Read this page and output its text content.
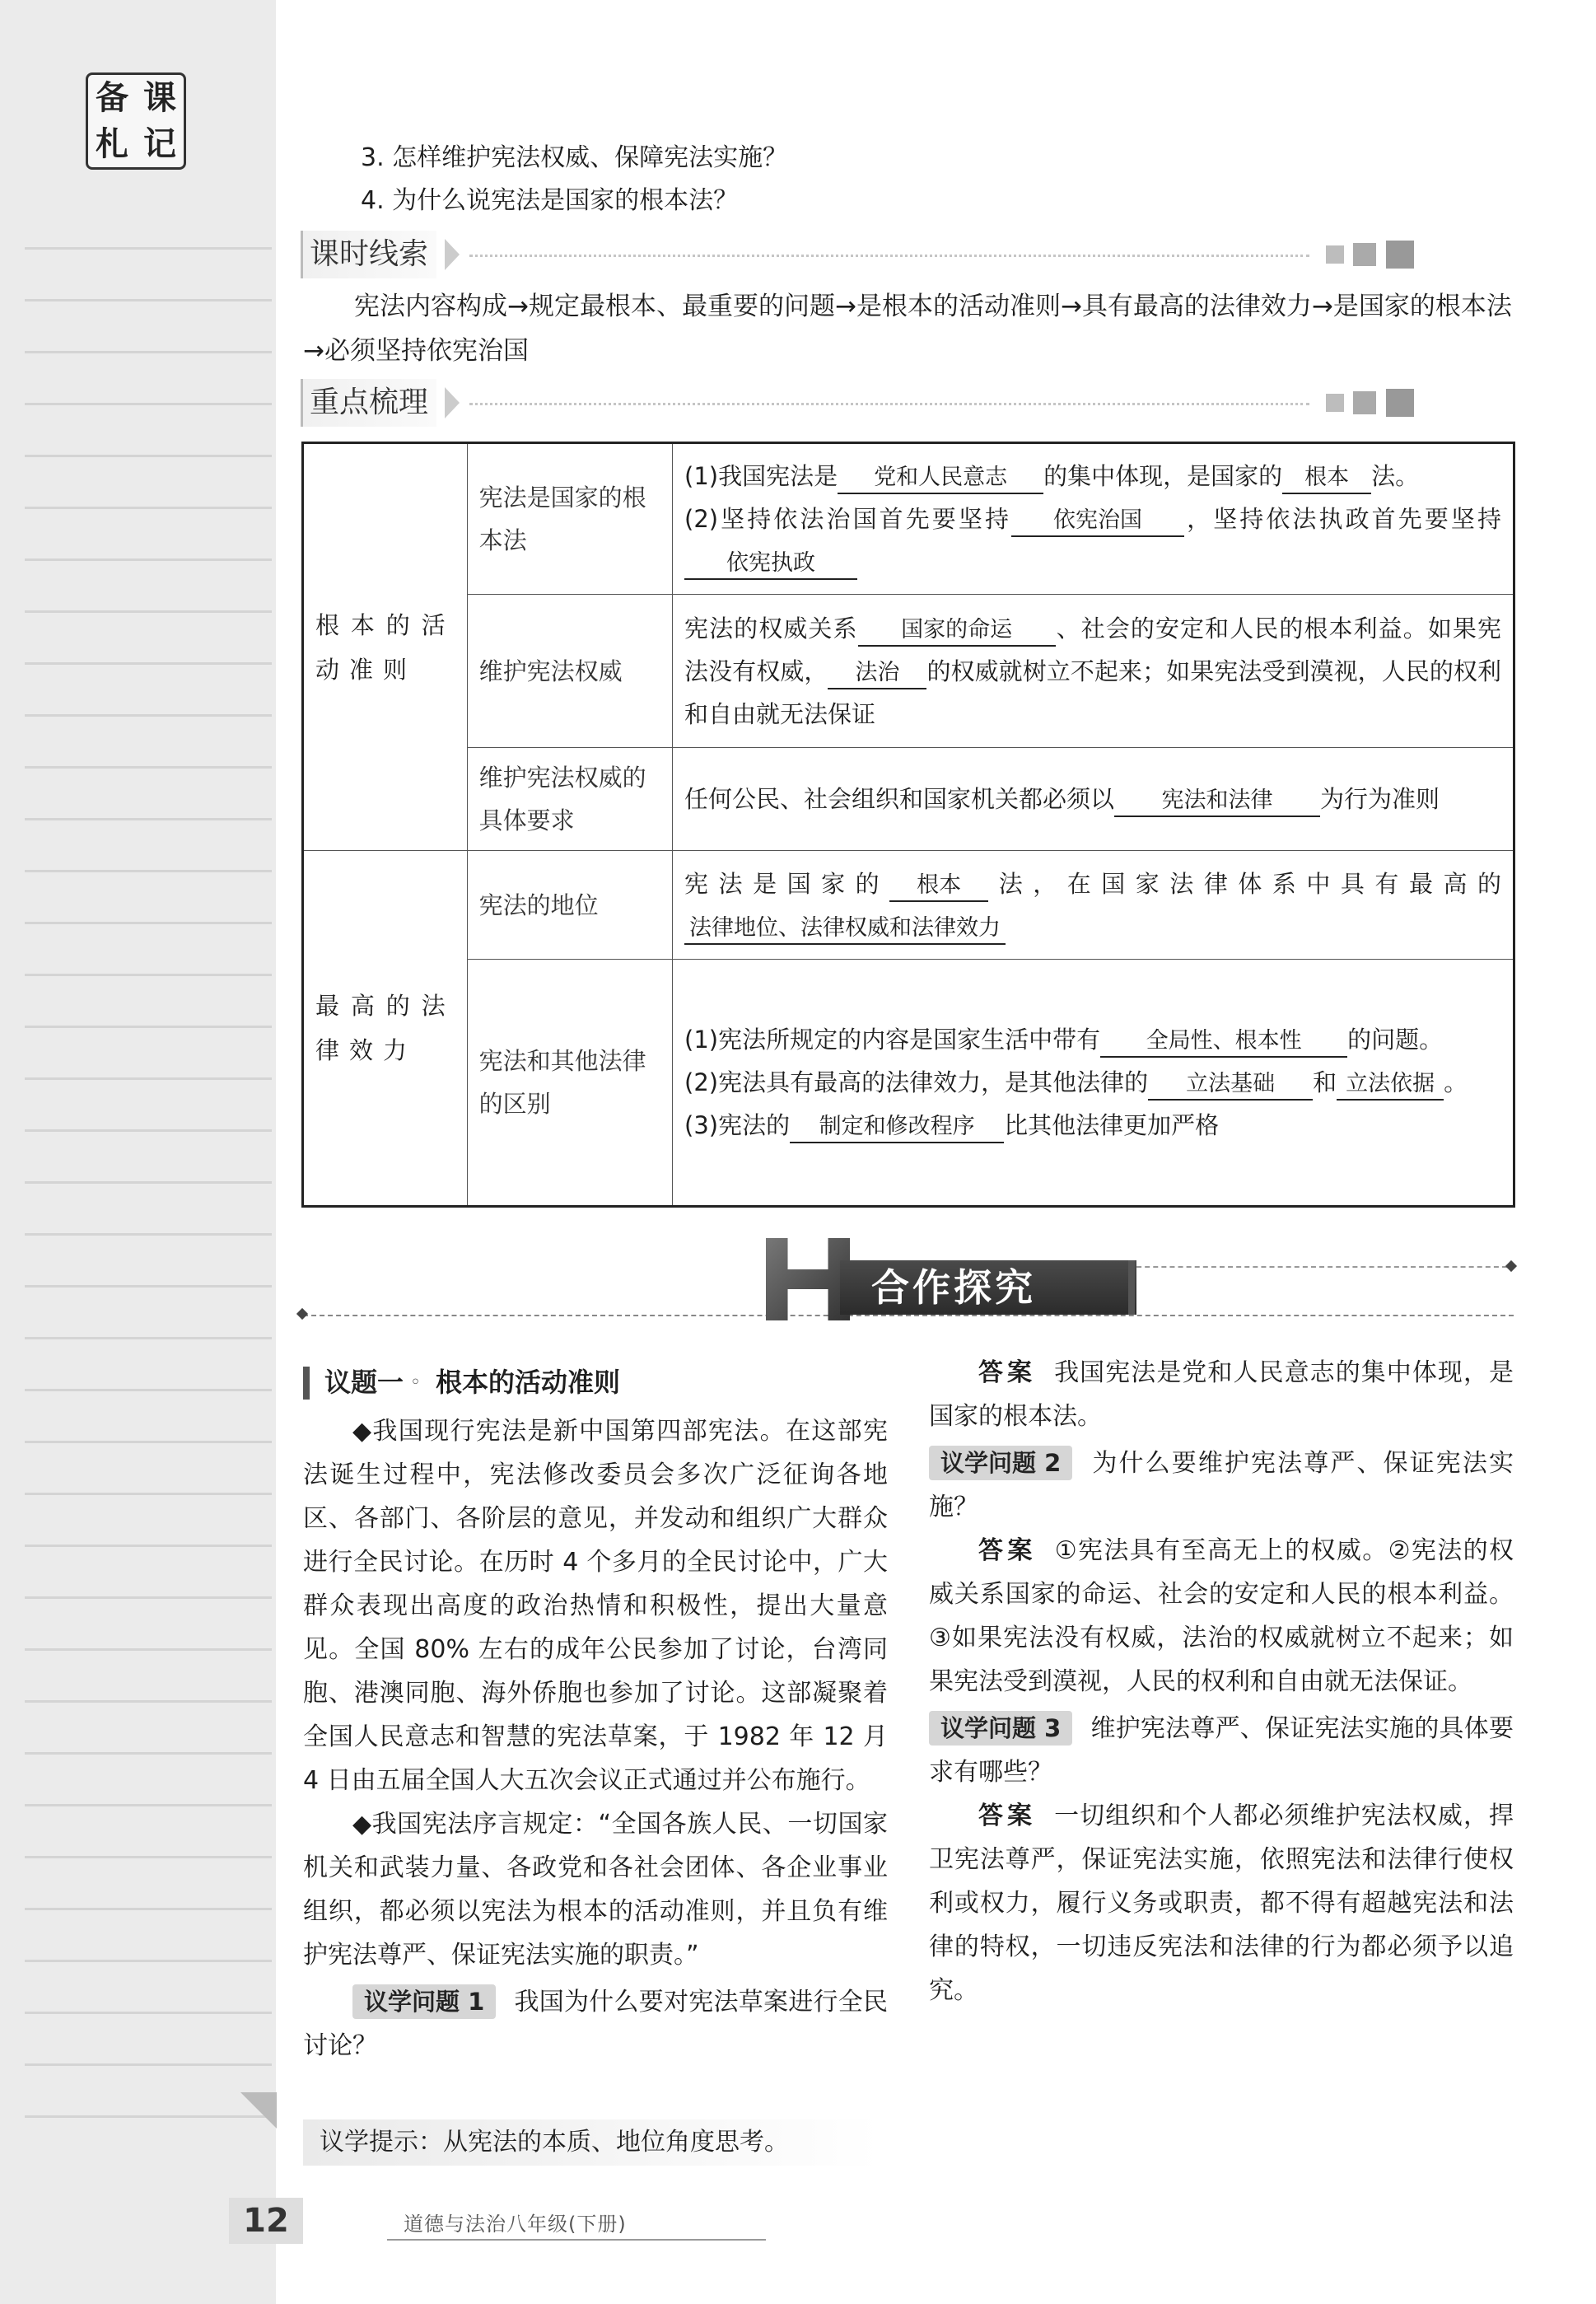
备 课
札 记	3. 怎样维护宪法权威、保障宪法实施？
4. 为什么说宪法是国家的根本法？
课时线索
宪法内容构成→规定最根本、最重要的问题→是根本的活动准则→具有最高的法律效力→是国家的根本法→必须坚持依宪治国
重点梳理
根本的活动准则	宪法是国家的根本法	(1)我国宪法是 党和人民意志 的集中体现，是国家的 根本 法。
(2)坚持依法治国首先要坚持 依宪治国 ，坚持依法执政首先要坚持依宪执政
	维护宪法权威	宪法的权威关系 国家的命运 、社会的安定和人民的根本利益。如果宪法没有权威， 法治 的权威就树立不起来；如果宪法受到漠视，人民的权利和自由就无法保证
	维护宪法权威的具体要求	任何公民、社会组织和国家机关都必须以 宪法和法律 为行为准则
最高的法律效力	宪法的地位	宪法是国家的 根本 法，在国家法律体系中具有最高的法律地位、法律权威和法律效力
	宪法和其他法律的区别	(1)宪法所规定的内容是国家生活中带有 全局性、根本性 的问题。
(2)宪法具有最高的法律效力，是其他法律的 立法基础 和 立法依据 。
(3)宪法的 制定和修改程序 比其他法律更加严格
合作探究
议题一 ◦ 根本的活动准则

◆我国现行宪法是新中国第四部宪法。在这部宪法诞生过程中，宪法修改委员会多次广泛征询各地区、各部门、各阶层的意见，并发动和组织广大群众进行全民讨论。在历时 4 个多月的全民讨论中，广大群众表现出高度的政治热情和积极性，提出大量意见。全国 80% 左右的成年公民参加了讨论，台湾同胞、港澳同胞、海外侨胞也参加了讨论。这部凝聚着全国人民意志和智慧的宪法草案，于 1982 年 12 月 4 日由五届全国人大五次会议正式通过并公布施行。

◆我国宪法序言规定：“全国各族人民、一切国家机关和武装力量、各政党和各社会团体、各企业事业组织，都必须以宪法为根本的活动准则，并且负有维护宪法尊严、保证宪法实施的职责。”

议学问题 1 我国为什么要对宪法草案进行全民讨论？

议学提示：从宪法的本质、地位角度思考。

答案 我国宪法是党和人民意志的集中体现，是国家的根本法。

议学问题 2 为什么要维护宪法尊严、保证宪法实施？

答案 ①宪法具有至高无上的权威。②宪法的权威关系国家的命运、社会的安定和人民的根本利益。③如果宪法没有权威，法治的权威就树立不起来；如果宪法受到漠视，人民的权利和自由就无法保证。

议学问题 3 维护宪法尊严、保证宪法实施的具体要求有哪些？

答案 一切组织和个人都必须维护宪法权威，捍卫宪法尊严，保证宪法实施，依照宪法和法律行使权利或权力，履行义务或职责，都不得有超越宪法和法律的特权，一切违反宪法和法律的行为都必须予以追究。

12	道德与法治八年级(下册)
